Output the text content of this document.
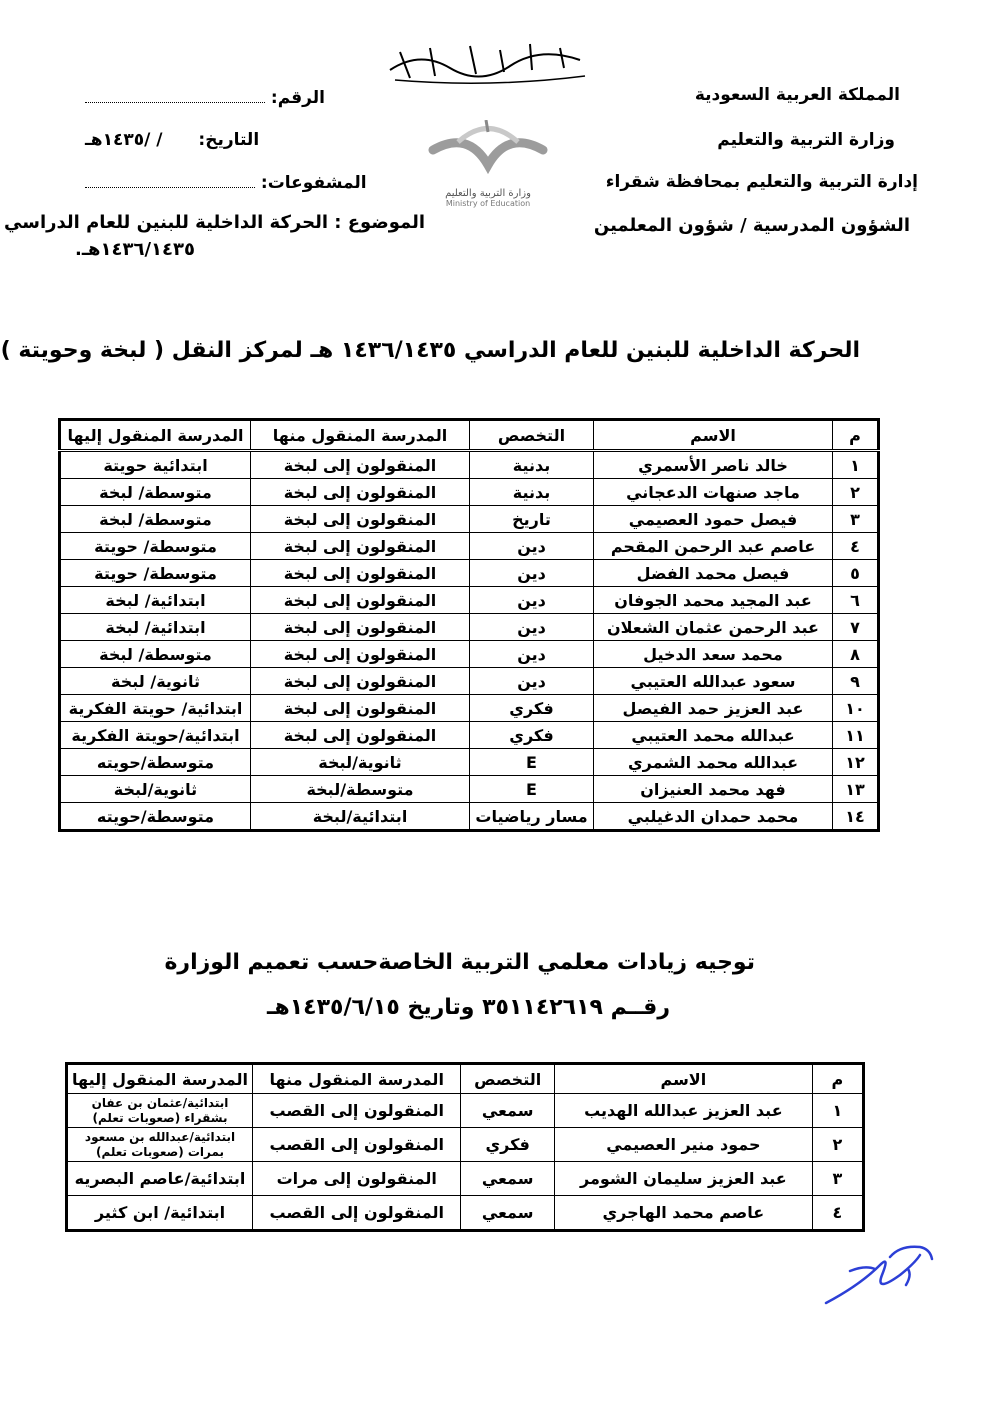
وزارة التربية والتعليم
Ministry of Education
المملكة العربية السعودية
وزارة التربية والتعليم
إدارة التربية والتعليم بمحافظة شقراء
الشؤون المدرسية / شؤون المعلمين
الرقم:
التاريخ: / /١٤٣٥هـ
المشفوعات:
الموضوع : الحركة الداخلية للبنين للعام الدراسي
١٤٣٦/١٤٣٥هـ.
الحركة الداخلية للبنين للعام الدراسي ١٤٣٦/١٤٣٥ هـ لمركز النقل ( لبخة وحويتة )
م	الاسم	التخصص	المدرسة المنقول منها	المدرسة المنقول إليها
١	خالد ناصر الأسمري	بدنية	المنقولون إلى لبخة	ابتدائية حويتة
٢	ماجد صنهات الدعجاني	بدنية	المنقولون إلى لبخة	متوسطة/ لبخة
٣	فيصل حمود العصيمي	تاريخ	المنقولون إلى لبخة	متوسطة/ لبخة
٤	عاصم عبد الرحمن المقحم	دين	المنقولون إلى لبخة	متوسطة/ حويتة
٥	فيصل محمد الفضل	دين	المنقولون إلى لبخة	متوسطة/ حويتة
٦	عبد المجيد محمد الجوفان	دين	المنقولون إلى لبخة	ابتدائية/ لبخة
٧	عبد الرحمن عثمان الشعلان	دين	المنقولون إلى لبخة	ابتدائية/ لبخة
٨	محمد سعد الدخيل	دين	المنقولون إلى لبخة	متوسطة/ لبخة
٩	سعود عبدالله العتيبي	دين	المنقولون إلى لبخة	ثانوية/ لبخة
١٠	عبد العزيز حمد الفيصل	فكري	المنقولون إلى لبخة	ابتدائية/ حويتة الفكرية
١١	عبدالله محمد العتيبي	فكري	المنقولون إلى لبخة	ابتدائية/حويتة الفكرية
١٢	عبدالله محمد الشمري	E	ثانوية/لبخة	متوسطة/حويته
١٣	فهد محمد العنيزان	E	متوسطة/لبخة	ثانوية/لبخة
١٤	محمد حمدان الدغيلبي	مسار رياضيات	ابتدائية/لبخة	متوسطة/حويته
توجيه زيادات معلمي التربية الخاصةحسب تعميم الوزارة
رقــم ٣٥١١٤٢٦١٩ وتاريخ ١٤٣٥/٦/١٥هـ
م	الاسم	التخصص	المدرسة المنقول منها	المدرسة المنقول إليها
١	عبد العزيز عبدالله الهديب	سمعي	المنقولون إلى القصب	ابتدائية/عثمان بن عفان بشقراء (صعوبات تعلم)
٢	حمود منير العصيمي	فكري	المنقولون إلى القصب	ابتدائية/عبدالله بن مسعود بمرات (صعوبات تعلم)
٣	عبد العزيز سليمان الشومر	سمعي	المنقولون إلى مرات	ابتدائية/عاصم البصريه
٤	عاصم محمد الهاجري	سمعي	المنقولون إلى القصب	ابتدائية/ ابن كثير
